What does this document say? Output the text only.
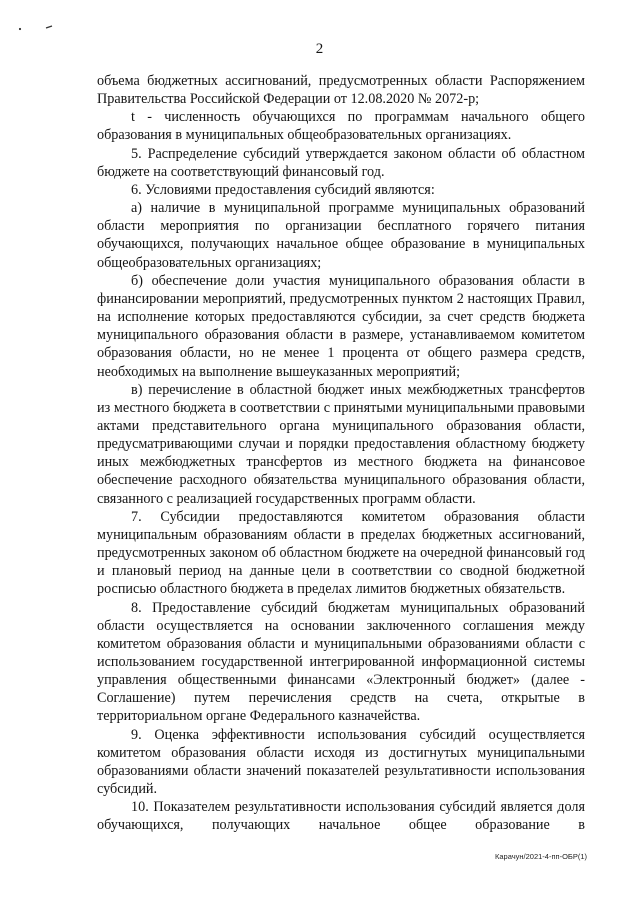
2

объема бюджетных ассигнований, предусмотренных области Распоряжением Правительства Российской Федерации от 12.08.2020 № 2072-р;

t - численность обучающихся по программам начального общего образования в муниципальных общеобразовательных организациях.

5. Распределение субсидий утверждается законом области об областном бюджете на соответствующий финансовый год.

6. Условиями предоставления субсидий являются:

а) наличие в муниципальной программе муниципальных образований области мероприятия по организации бесплатного горячего питания обучающихся, получающих начальное общее образование в муниципальных общеобразовательных организациях;

б) обеспечение доли участия муниципального образования области в финансировании мероприятий, предусмотренных пунктом 2 настоящих Правил, на исполнение которых предоставляются субсидии, за счет средств бюджета муниципального образования области в размере, устанавливаемом комитетом образования области, но не менее 1 процента от общего размера средств, необходимых на выполнение вышеуказанных мероприятий;

в) перечисление в областной бюджет иных межбюджетных трансфертов из местного бюджета в соответствии с принятыми муниципальными правовыми актами представительного органа муниципального образования области, предусматривающими случаи и порядки предоставления областному бюджету иных межбюджетных трансфертов из местного бюджета на финансовое обеспечение расходного обязательства муниципального образования области, связанного с реализацией государственных программ области.

7. Субсидии предоставляются комитетом образования области муниципальным образованиям области в пределах бюджетных ассигнований, предусмотренных законом об областном бюджете на очередной финансовый год и плановый период на данные цели в соответствии со сводной бюджетной росписью областного бюджета в пределах лимитов бюджетных обязательств.

8. Предоставление субсидий бюджетам муниципальных образований области осуществляется на основании заключенного соглашения между комитетом образования области и муниципальными образованиями области с использованием государственной интегрированной информационной системы управления общественными финансами «Электронный бюджет» (далее - Соглашение) путем перечисления средств на счета, открытые в территориальном органе Федерального казначейства.

9. Оценка эффективности использования субсидий осуществляется комитетом образования области исходя из достигнутых муниципальными образованиями области значений показателей результативности использования субсидий.

10. Показателем результативности использования субсидий является доля обучающихся, получающих начальное общее образование в

Карачун/2021-4-пп-ОБР(1)
